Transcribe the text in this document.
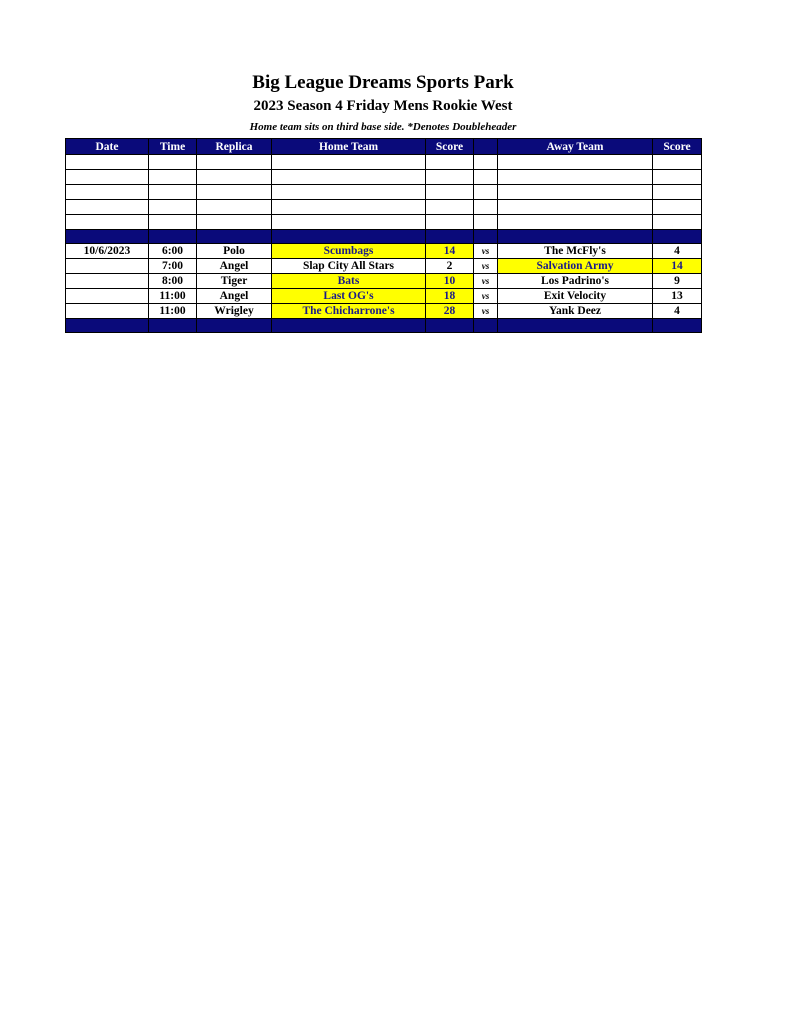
Big League Dreams Sports Park
2023 Season 4 Friday Mens Rookie West
Home team sits on third base side. *Denotes Doubleheader
Date	Time	Replica	Home Team	Score		Away Team	Score

10/6/2023	6:00	Polo	Scumbags	14	vs	The McFly's	4
	7:00	Angel	Slap City All Stars	2	vs	Salvation Army	14
	8:00	Tiger	Bats	10	vs	Los Padrino's	9
	11:00	Angel	Last OG's	18	vs	Exit Velocity	13
	11:00	Wrigley	The Chicharrone's	28	vs	Yank Deez	4
